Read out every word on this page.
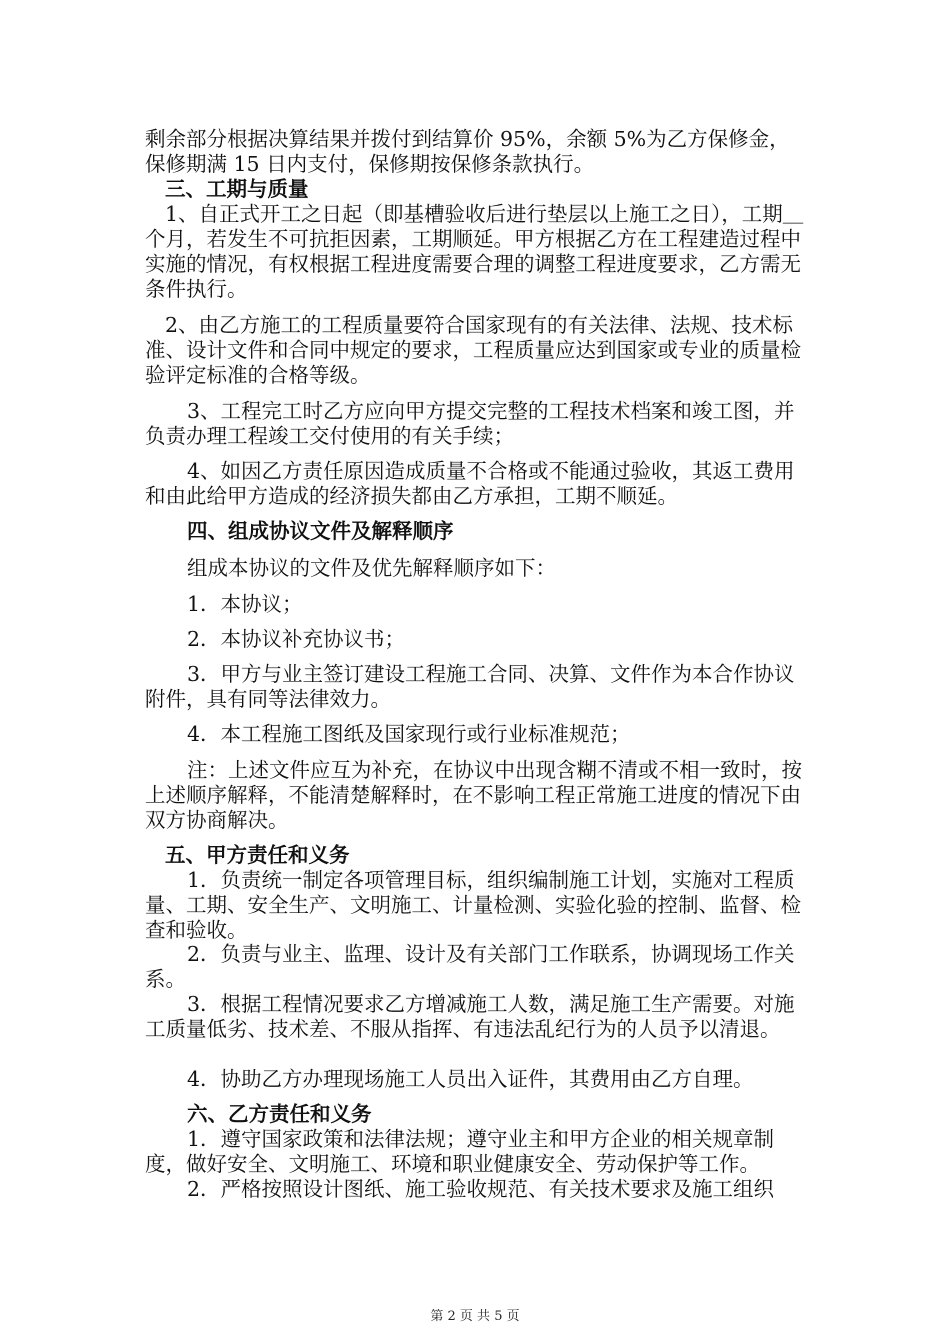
剩余部分根据决算结果并拨付到结算价 95%，余额 5%为乙方保修金，保修期满 15 日内支付，保修期按保修条款执行。

三、工期与质量

1、自正式开工之日起（即基槽验收后进行垫层以上施工之日），工期＿个月，若发生不可抗拒因素，工期顺延。甲方根据乙方在工程建造过程中实施的情况，有权根据工程进度需要合理的调整工程进度要求，乙方需无条件执行。

2、由乙方施工的工程质量要符合国家现有的有关法律、法规、技术标准、设计文件和合同中规定的要求，工程质量应达到国家或专业的质量检验评定标准的合格等级。

3、工程完工时乙方应向甲方提交完整的工程技术档案和竣工图，并负责办理工程竣工交付使用的有关手续；

4、如因乙方责任原因造成质量不合格或不能通过验收，其返工费用和由此给甲方造成的经济损失都由乙方承担，工期不顺延。

四、组成协议文件及解释顺序

组成本协议的文件及优先解释顺序如下：

1．本协议；

2．本协议补充协议书；

3．甲方与业主签订建设工程施工合同、决算、文件作为本合作协议附件，具有同等法律效力。

4．本工程施工图纸及国家现行或行业标准规范；

注：上述文件应互为补充，在协议中出现含糊不清或不相一致时，按上述顺序解释，不能清楚解释时，在不影响工程正常施工进度的情况下由双方协商解决。

五、甲方责任和义务

1．负责统一制定各项管理目标，组织编制施工计划，实施对工程质量、工期、安全生产、文明施工、计量检测、实验化验的控制、监督、检查和验收。

2．负责与业主、监理、设计及有关部门工作联系，协调现场工作关系。

3．根据工程情况要求乙方增减施工人数，满足施工生产需要。对施工质量低劣、技术差、不服从指挥、有违法乱纪行为的人员予以清退。

4．协助乙方办理现场施工人员出入证件，其费用由乙方自理。

六、乙方责任和义务

1．遵守国家政策和法律法规；遵守业主和甲方企业的相关规章制度，做好安全、文明施工、环境和职业健康安全、劳动保护等工作。

2．严格按照设计图纸、施工验收规范、有关技术要求及施工组织

第 2 页 共 5 页
